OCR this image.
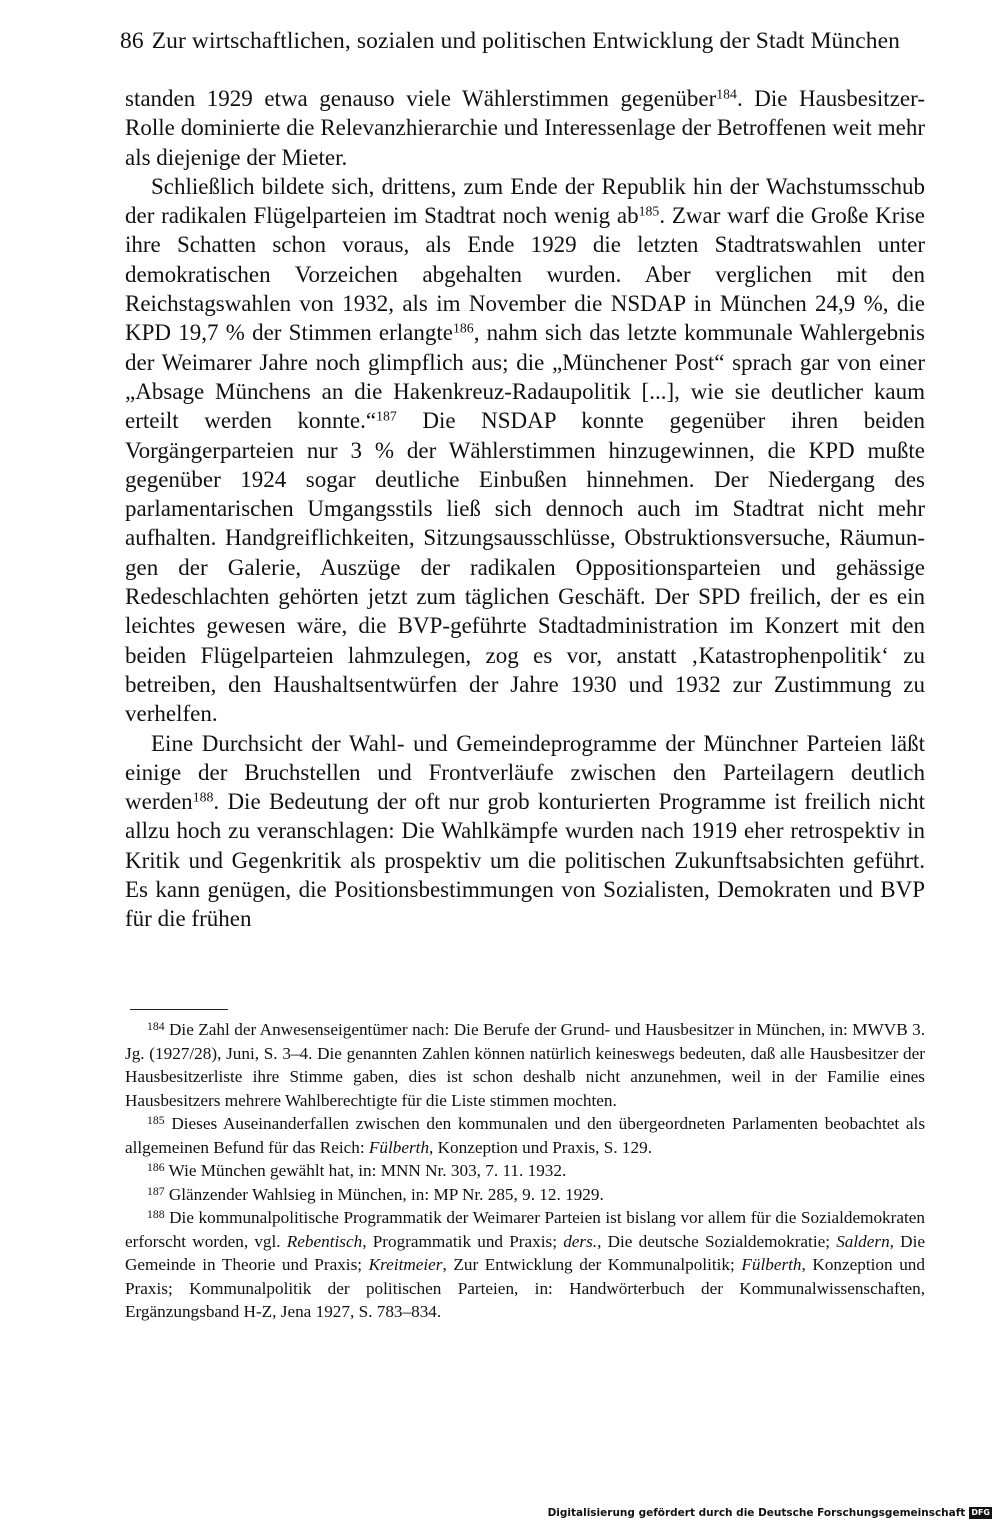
86 Zur wirtschaftlichen, sozialen und politischen Entwicklung der Stadt München

standen 1929 etwa genauso viele Wählerstimmen gegenüber$^{184}$. Die Hausbesitzer-Rolle dominierte die Relevanzhierarchie und Interessenlage der Betroffenen weit mehr als diejenige der Mieter.

Schließlich bildete sich, drittens, zum Ende der Republik hin der Wachstumsschub der radikalen Flügelparteien im Stadtrat noch wenig $ab^{185}$. Zwar warf die Große Krise ihre Schatten schon voraus, als Ende 1929 die letzten Stadtratswahlen unter demokratischen Vorzeichen abgehalten wurden. Aber verglichen mit den Reichstagswahlen von 1932, als im November die NSDAP in München 24,9 %, die KPD 19,7 % der Stimmen erlangte$^{186}$, nahm sich das letzte kommunale Wahlergebnis der Weimarer Jahre noch glimpflich aus; die „Münchener Post“ sprach gar von einer „Absage Münchens an die Hakenkreuz-Radaupolitik [...], wie sie deutlicher kaum erteilt werden konnte.“$^{187}$ Die NSDAP konnte gegenüber ihren beiden Vorgängerparteien nur 3 % der Wählerstimmen hinzugewinnen, die KPD mußte gegenüber 1924 sogar deutliche Einbußen hinnehmen. Der Niedergang des parlamentarischen Umgangsstils ließ sich dennoch auch im Stadtrat nicht mehr aufhalten. Handgreiflichkeiten, Sitzungsausschlüsse, Obstruktionsversuche, Räumungen der Galerie, Auszüge der radikalen Oppositionsparteien und gehässige Redeschlachten gehörten jetzt zum täglichen Geschäft. Der SPD freilich, der es ein leichtes gewesen wäre, die BVP-geführte Stadtadministration im Konzert mit den beiden Flügelparteien lahmzulegen, zog es vor, anstatt ‚Katastrophenpolitik‘ zu betreiben, den Haushaltsentwürfen der Jahre 1930 und 1932 zur Zustimmung zu verhelfen.

Eine Durchsicht der Wahl- und Gemeindeprogramme der Münchner Parteien läßt einige der Bruchstellen und Frontverläufe zwischen den Parteilagern deutlich werden$^{188}$. Die Bedeutung der oft nur grob konturierten Programme ist freilich nicht allzu hoch zu veranschlagen: Die Wahlkämpfe wurden nach 1919 eher retrospektiv in Kritik und Gegenkritik als prospektiv um die politischen Zukunftsabsichten geführt. Es kann genügen, die Positionsbestimmungen von Sozialisten, Demokraten und BVP für die frühen

$^{184}$ Die Zahl der Anwesenseigentümer nach: Die Berufe der Grund- und Hausbesitzer in München, in: MWVB 3. Jg. (1927/28), Juni, S. 3–4. Die genannten Zahlen können natürlich keineswegs bedeuten, daß alle Hausbesitzer der Hausbesitzerliste ihre Stimme gaben, dies ist schon deshalb nicht anzunehmen, weil in der Familie eines Hausbesitzers mehrere Wahlberechtigte für die Liste stimmen mochten.

$^{185}$ Dieses Auseinanderfallen zwischen den kommunalen und den übergeordneten Parlamenten beobachtet als allgemeinen Befund für das Reich: Fülberth, Konzeption und Praxis, S. 129.

$^{186}$ Wie München gewählt hat, in: MNN Nr. 303, 7. 11. 1932.

$^{187}$ Glänzender Wahlsieg in München, in: MP Nr. 285, 9. 12. 1929.

$^{188}$ Die kommunalpolitische Programmatik der Weimarer Parteien ist bislang vor allem für die Sozialdemokraten erforscht worden, vgl. Rebentisch, Programmatik und Praxis; ders., Die deutsche Sozialdemokratie; Saldern, Die Gemeinde in Theorie und Praxis; Kreitmeier, Zur Entwicklung der Kommunalpolitik; Fülberth, Konzeption und Praxis; Kommunalpolitik der politischen Parteien, in: Handwörterbuch der Kommunalwissenschaften, Ergänzungsband H-Z, Jena 1927, S. 783–834.

Digitalisierung gefördert durch die Deutsche Forschungsgemeinschaft DFG
